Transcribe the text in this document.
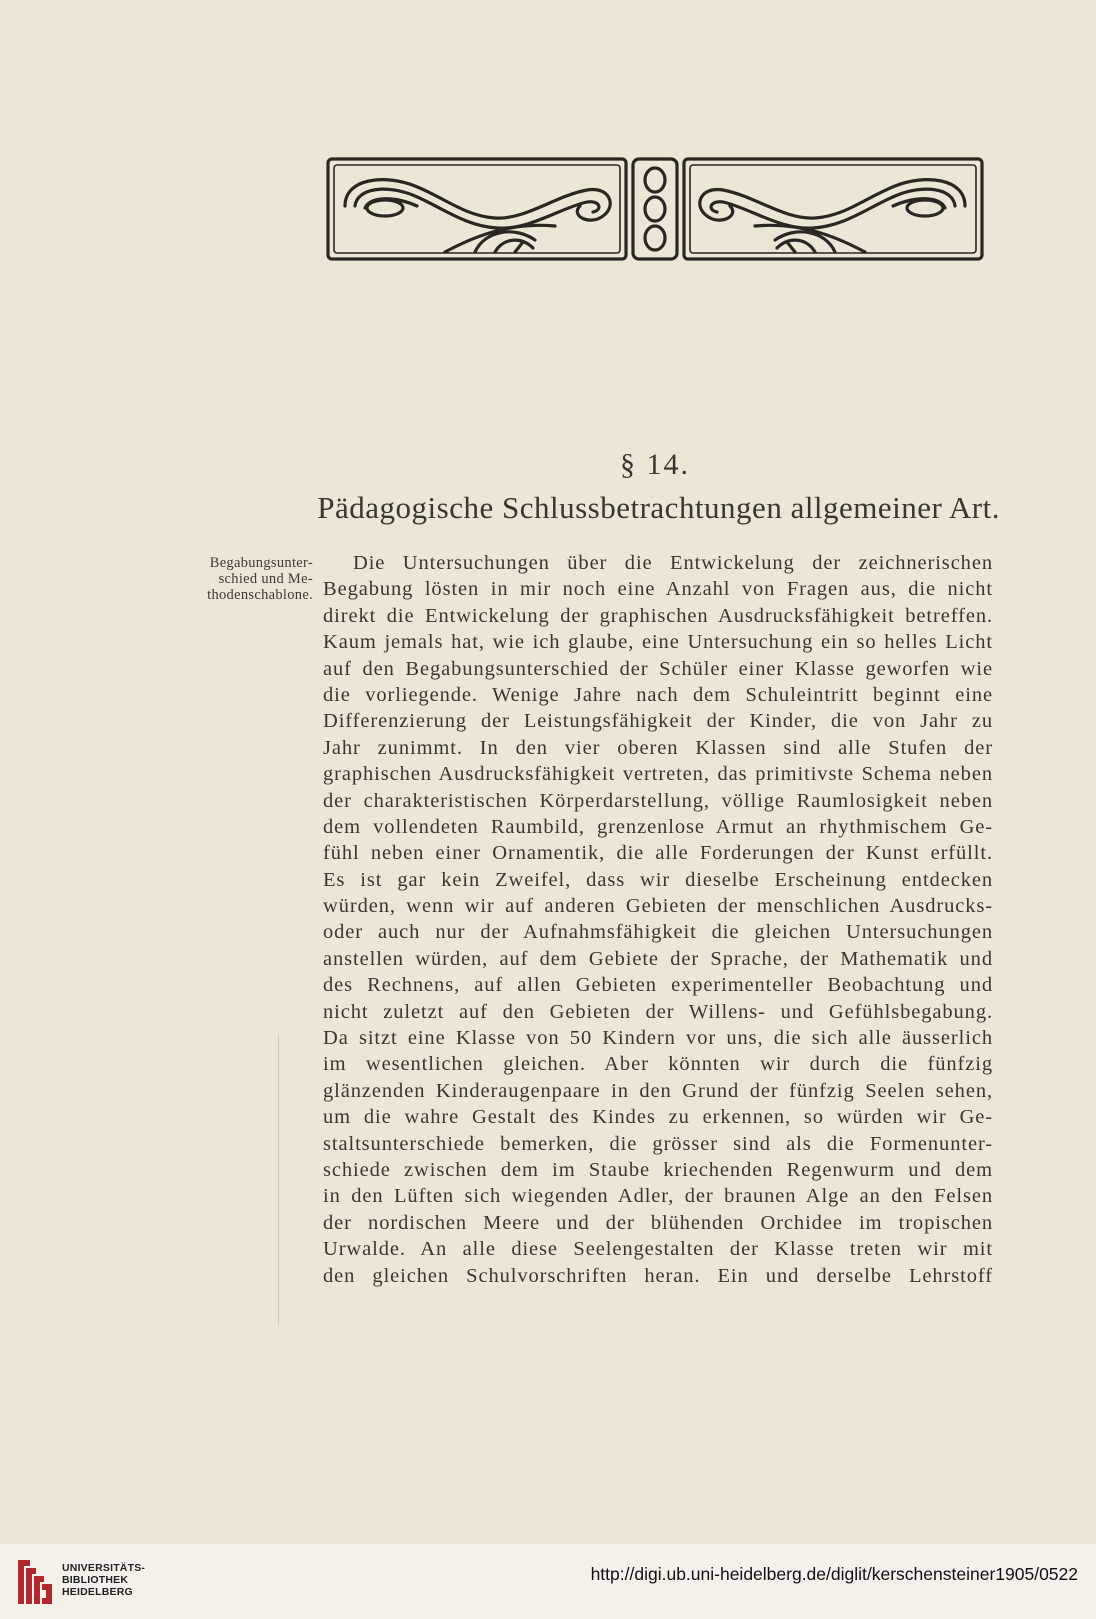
§ 14.
Pädagogische Schlussbetrachtungen allgemeiner Art.
Begabungsunter-
schied und Me-
thodenschablone.
Die Untersuchungen über die Entwickelung der zeichnerischen
Begabung lösten in mir noch eine Anzahl von Fragen aus, die nicht
direkt die Entwickelung der graphischen Ausdrucksfähigkeit betreffen.
Kaum jemals hat, wie ich glaube, eine Untersuchung ein so helles Licht
auf den Begabungsunterschied der Schüler einer Klasse geworfen wie
die vorliegende. Wenige Jahre nach dem Schuleintritt beginnt eine
Differenzierung der Leistungsfähigkeit der Kinder, die von Jahr zu
Jahr zunimmt. In den vier oberen Klassen sind alle Stufen der
graphischen Ausdrucksfähigkeit vertreten, das primitivste Schema neben
der charakteristischen Körperdarstellung, völlige Raumlosigkeit neben
dem vollendeten Raumbild, grenzenlose Armut an rhythmischem Ge-
fühl neben einer Ornamentik, die alle Forderungen der Kunst erfüllt.
Es ist gar kein Zweifel, dass wir dieselbe Erscheinung entdecken
würden, wenn wir auf anderen Gebieten der menschlichen Ausdrucks-
oder auch nur der Aufnahmsfähigkeit die gleichen Untersuchungen
anstellen würden, auf dem Gebiete der Sprache, der Mathematik und
des Rechnens, auf allen Gebieten experimenteller Beobachtung und
nicht zuletzt auf den Gebieten der Willens- und Gefühlsbegabung.
Da sitzt eine Klasse von 50 Kindern vor uns, die sich alle äusserlich
im wesentlichen gleichen. Aber könnten wir durch die fünfzig
glänzenden Kinderaugenpaare in den Grund der fünfzig Seelen sehen,
um die wahre Gestalt des Kindes zu erkennen, so würden wir Ge-
staltsunterschiede bemerken, die grösser sind als die Formenunter-
schiede zwischen dem im Staube kriechenden Regenwurm und dem
in den Lüften sich wiegenden Adler, der braunen Alge an den Felsen
der nordischen Meere und der blühenden Orchidee im tropischen
Urwalde. An alle diese Seelengestalten der Klasse treten wir mit
den gleichen Schulvorschriften heran. Ein und derselbe Lehrstoff
UNIVERSITÄTS-
BIBLIOTHEK
HEIDELBERG
http://digi.ub.uni-heidelberg.de/diglit/kerschensteiner1905/0522
